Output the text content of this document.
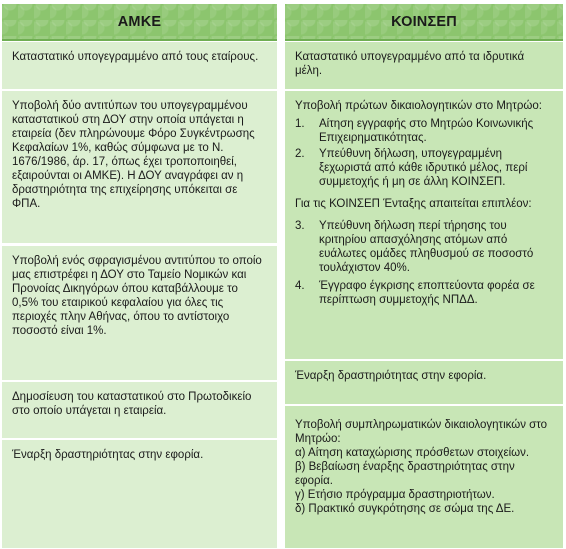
ΑΜΚΕ

Καταστατικό υπογεγραμμένο από τους εταίρους.

Υποβολή δύο αντιτύπων του υπογεγραμμένου καταστατικού στη ΔΟΥ στην οποία υπάγεται η εταιρεία (δεν πληρώνουμε Φόρο Συγκέντρωσης Κεφαλαίων 1%, καθώς σύμφωνα με το Ν. 1676/1986, άρ. 17, όπως έχει τροποποιηθεί, εξαιρούνται οι ΑΜΚΕ). Η ΔΟΥ αναγράφει αν η δραστηριότητα της επιχείρησης υπόκειται σε ΦΠΑ.

Υποβολή ενός σφραγισμένου αντιτύπου το οποίο μας επιστρέφει η ΔΟΥ στο Ταμείο Νομικών και Προνοίας Δικηγόρων όπου καταβάλλουμε το 0,5% του εταιρικού κεφαλαίου για όλες τις περιοχές πλην Αθήνας, όπου το αντίστοιχο ποσοστό είναι 1%.

Δημοσίευση του καταστατικού στο Πρωτοδικείο στο οποίο υπάγεται η εταιρεία.

Έναρξη δραστηριότητας στην εφορία.

ΚΟΙΝΣΕΠ

Καταστατικό υπογεγραμμένο από τα ιδρυτικά μέλη.

Υποβολή πρώτων δικαιολογητικών στο Μητρώο:

1.	Αίτηση εγγραφής στο Μητρώο Κοινωνικής Επιχειρηματικότητας.
2.	Υπεύθυνη δήλωση, υπογεγραμμένη ξεχωριστά από κάθε ιδρυτικό μέλος, περί συμμετοχής ή μη σε άλλη ΚΟΙΝΣΕΠ.

Για τις ΚΟΙΝΣΕΠ Ένταξης απαιτείται επιπλέον:

3.	Υπεύθυνη δήλωση περί τήρησης του κριτηρίου απασχόλησης ατόμων από ευάλωτες ομάδες πληθυσμού σε ποσοστό τουλάχιστον 40%.
4.	Έγγραφο έγκρισης εποπτεύοντα φορέα σε περίπτωση συμμετοχής ΝΠΔΔ.

Έναρξη δραστηριότητας στην εφορία.

Υποβολή συμπληρωματικών δικαιολογητικών στο Μητρώο:

α) Αίτηση καταχώρισης πρόσθετων στοιχείων.

β) Βεβαίωση έναρξης δραστηριότητας στην εφορία.

γ) Ετήσιο πρόγραμμα δραστηριοτήτων.

δ) Πρακτικό συγκρότησης σε σώμα της ΔΕ.
